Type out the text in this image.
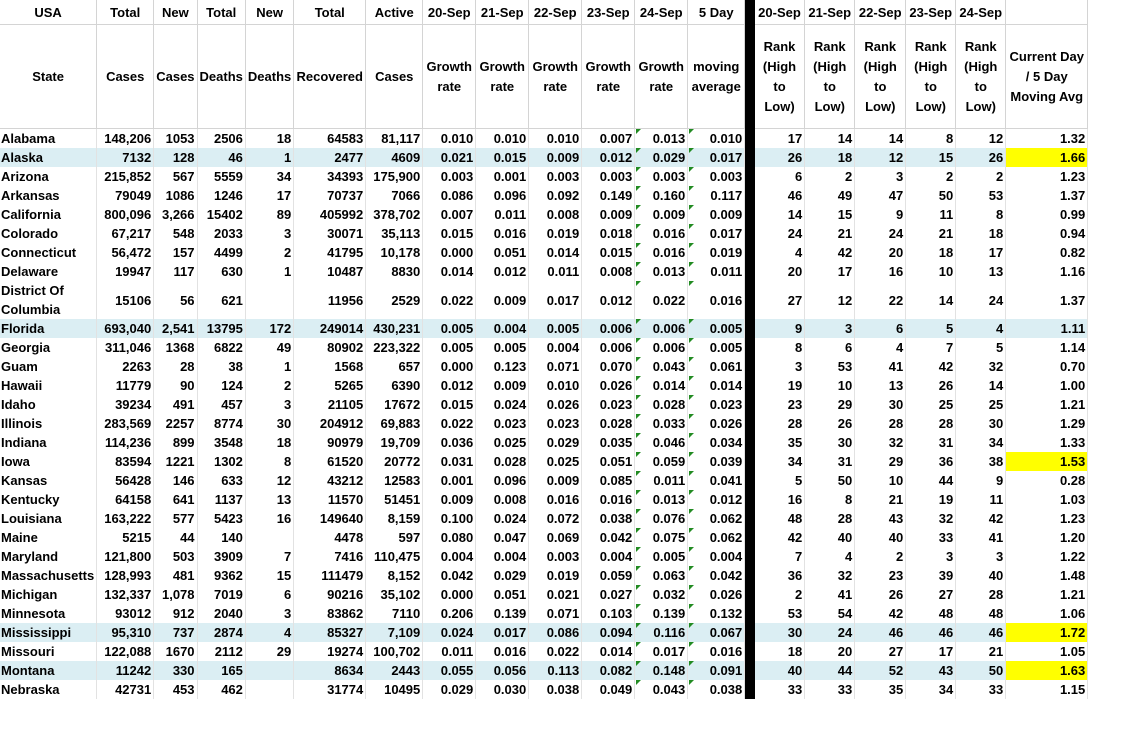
USA	Total	New	Total	New	Total	Active	20-Sep	21-Sep	22-Sep	23-Sep	24-Sep	5 Day		20-Sep	21-Sep	22-Sep	23-Sep	24-Sep	
State	Cases	Cases	Deaths	Deaths	Recovered	Cases	Growth rate	Growth rate	Growth rate	Growth rate	Growth rate	moving average		Rank (High to Low)	Rank (High to Low)	Rank (High to Low)	Rank (High to Low)	Rank (High to Low)	Current Day / 5 Day Moving Avg
Alabama	148,206	1053	2506	18	64583	81,117	0.010	0.010	0.010	0.007	0.013	0.010		17	14	14	8	12	1.32
Alaska	7132	128	46	1	2477	4609	0.021	0.015	0.009	0.012	0.029	0.017		26	18	12	15	26	1.66
Arizona	215,852	567	5559	34	34393	175,900	0.003	0.001	0.003	0.003	0.003	0.003		6	2	3	2	2	1.23
Arkansas	79049	1086	1246	17	70737	7066	0.086	0.096	0.092	0.149	0.160	0.117		46	49	47	50	53	1.37
California	800,096	3,266	15402	89	405992	378,702	0.007	0.011	0.008	0.009	0.009	0.009		14	15	9	11	8	0.99
Colorado	67,217	548	2033	3	30071	35,113	0.015	0.016	0.019	0.018	0.016	0.017		24	21	24	21	18	0.94
Connecticut	56,472	157	4499	2	41795	10,178	0.000	0.051	0.014	0.015	0.016	0.019		4	42	20	18	17	0.82
Delaware	19947	117	630	1	10487	8830	0.014	0.012	0.011	0.008	0.013	0.011		20	17	16	10	13	1.16
District Of Columbia	15106	56	621		11956	2529	0.022	0.009	0.017	0.012	0.022	0.016		27	12	22	14	24	1.37
Florida	693,040	2,541	13795	172	249014	430,231	0.005	0.004	0.005	0.006	0.006	0.005		9	3	6	5	4	1.11
Georgia	311,046	1368	6822	49	80902	223,322	0.005	0.005	0.004	0.006	0.006	0.005		8	6	4	7	5	1.14
Guam	2263	28	38	1	1568	657	0.000	0.123	0.071	0.070	0.043	0.061		3	53	41	42	32	0.70
Hawaii	11779	90	124	2	5265	6390	0.012	0.009	0.010	0.026	0.014	0.014		19	10	13	26	14	1.00
Idaho	39234	491	457	3	21105	17672	0.015	0.024	0.026	0.023	0.028	0.023		23	29	30	25	25	1.21
Illinois	283,569	2257	8774	30	204912	69,883	0.022	0.023	0.023	0.028	0.033	0.026		28	26	28	28	30	1.29
Indiana	114,236	899	3548	18	90979	19,709	0.036	0.025	0.029	0.035	0.046	0.034		35	30	32	31	34	1.33
Iowa	83594	1221	1302	8	61520	20772	0.031	0.028	0.025	0.051	0.059	0.039		34	31	29	36	38	1.53
Kansas	56428	146	633	12	43212	12583	0.001	0.096	0.009	0.085	0.011	0.041		5	50	10	44	9	0.28
Kentucky	64158	641	1137	13	11570	51451	0.009	0.008	0.016	0.016	0.013	0.012		16	8	21	19	11	1.03
Louisiana	163,222	577	5423	16	149640	8,159	0.100	0.024	0.072	0.038	0.076	0.062		48	28	43	32	42	1.23
Maine	5215	44	140		4478	597	0.080	0.047	0.069	0.042	0.075	0.062		42	40	40	33	41	1.20
Maryland	121,800	503	3909	7	7416	110,475	0.004	0.004	0.003	0.004	0.005	0.004		7	4	2	3	3	1.22
Massachusetts	128,993	481	9362	15	111479	8,152	0.042	0.029	0.019	0.059	0.063	0.042		36	32	23	39	40	1.48
Michigan	132,337	1,078	7019	6	90216	35,102	0.000	0.051	0.021	0.027	0.032	0.026		2	41	26	27	28	1.21
Minnesota	93012	912	2040	3	83862	7110	0.206	0.139	0.071	0.103	0.139	0.132		53	54	42	48	48	1.06
Mississippi	95,310	737	2874	4	85327	7,109	0.024	0.017	0.086	0.094	0.116	0.067		30	24	46	46	46	1.72
Missouri	122,088	1670	2112	29	19274	100,702	0.011	0.016	0.022	0.014	0.017	0.016		18	20	27	17	21	1.05
Montana	11242	330	165		8634	2443	0.055	0.056	0.113	0.082	0.148	0.091		40	44	52	43	50	1.63
Nebraska	42731	453	462		31774	10495	0.029	0.030	0.038	0.049	0.043	0.038		33	33	35	34	33	1.15
